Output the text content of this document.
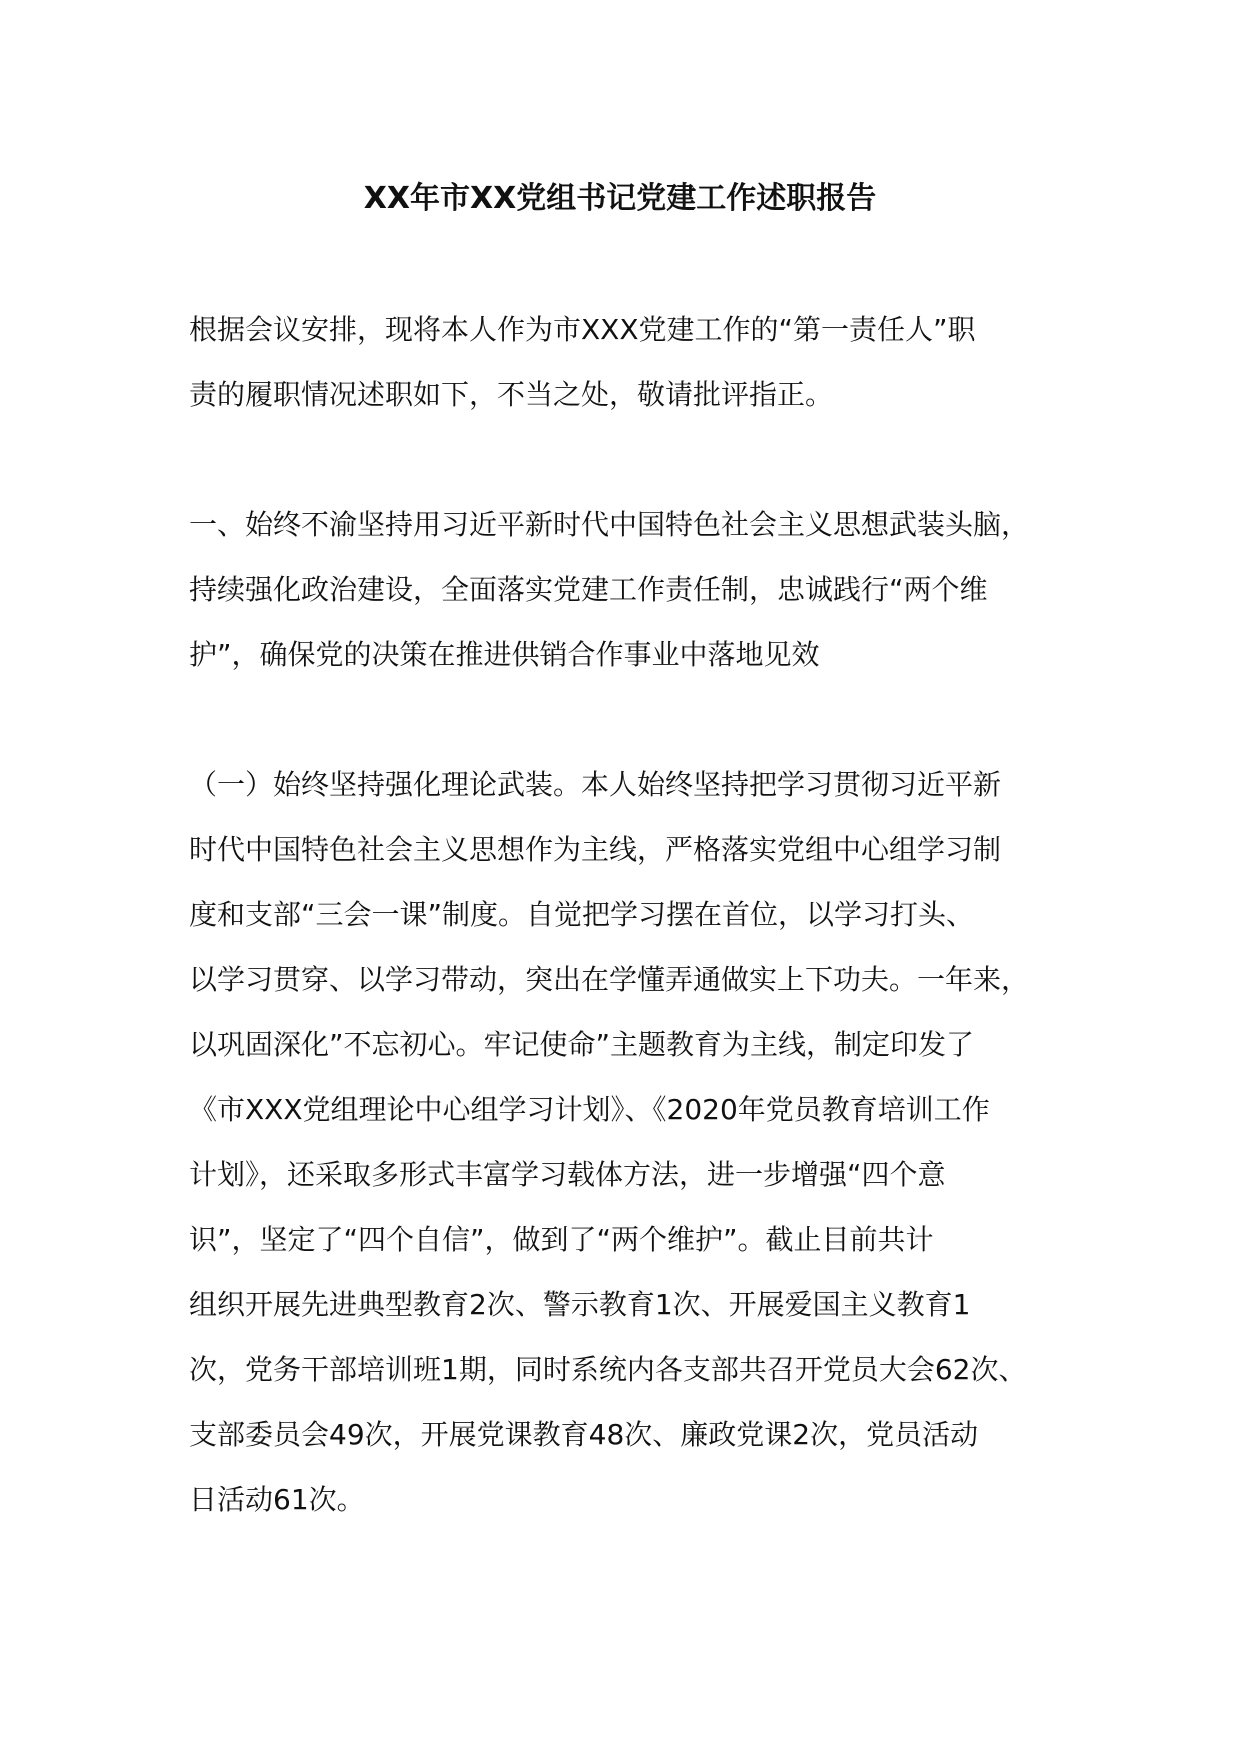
XX年市XX党组书记党建工作述职报告
根据会议安排，现将本人作为市XXX党建工作的“第一责任人”职
责的履职情况述职如下，不当之处，敬请批评指正。
一、始终不渝坚持用习近平新时代中国特色社会主义思想武装头脑，
持续强化政治建设，全面落实党建工作责任制，忠诚践行“两个维
护”，确保党的决策在推进供销合作事业中落地见效
（一）始终坚持强化理论武装。本人始终坚持把学习贯彻习近平新
时代中国特色社会主义思想作为主线，严格落实党组中心组学习制
度和支部“三会一课”制度。自觉把学习摆在首位，以学习打头、
以学习贯穿、以学习带动，突出在学懂弄通做实上下功夫。一年来，
以巩固深化”不忘初心。牢记使命”主题教育为主线，制定印发了
《市XXX党组理论中心组学习计划》、《2020年党员教育培训工作
计划》，还采取多形式丰富学习载体方法，进一步增强“四个意
识”，坚定了“四个自信”，做到了“两个维护”。截止目前共计
组织开展先进典型教育2次、警示教育1次、开展爱国主义教育1
次，党务干部培训班1期，同时系统内各支部共召开党员大会62次、
支部委员会49次，开展党课教育48次、廉政党课2次，党员活动
日活动61次。
